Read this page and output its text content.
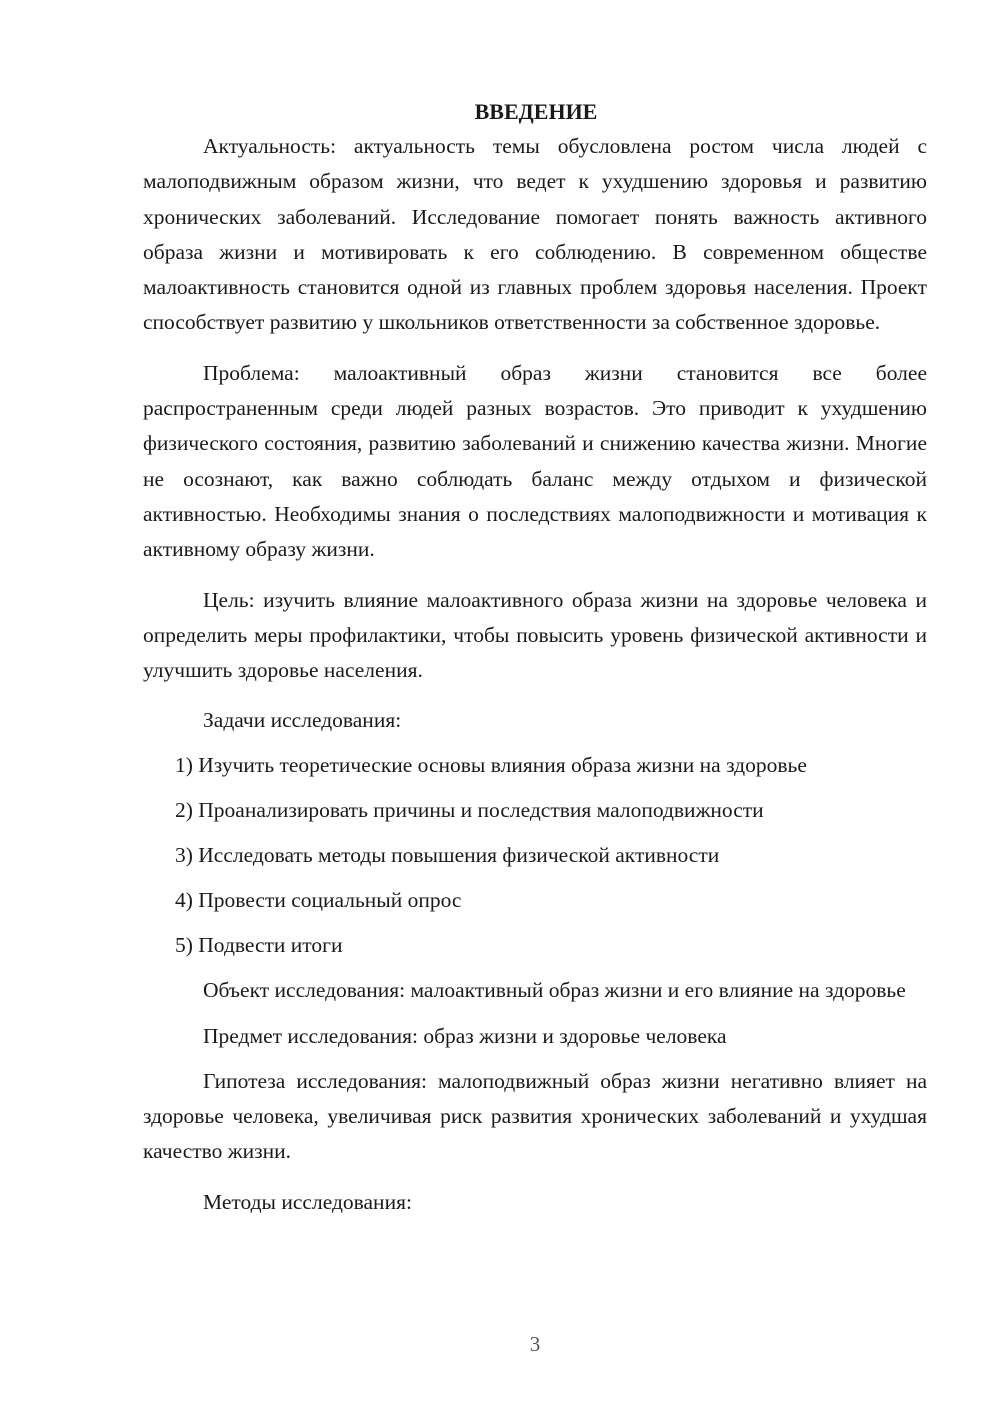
ВВЕДЕНИЕ

Актуальность: актуальность темы обусловлена ростом числа людей с малоподвижным образом жизни, что ведет к ухудшению здоровья и развитию хронических заболеваний. Исследование помогает понять важность активного образа жизни и мотивировать к его соблюдению. В современном обществе малоактивность становится одной из главных проблем здоровья населения. Проект способствует развитию у школьников ответственности за собственное здоровье.

Проблема: малоактивный образ жизни становится все более распространенным среди людей разных возрастов. Это приводит к ухудшению физического состояния, развитию заболеваний и снижению качества жизни. Многие не осознают, как важно соблюдать баланс между отдыхом и физической активностью. Необходимы знания о последствиях малоподвижности и мотивация к активному образу жизни.

Цель: изучить влияние малоактивного образа жизни на здоровье человека и определить меры профилактики, чтобы повысить уровень физической активности и улучшить здоровье населения.

Задачи исследования:

1) Изучить теоретические основы влияния образа жизни на здоровье
2) Проанализировать причины и последствия малоподвижности
3) Исследовать методы повышения физической активности
4) Провести социальный опрос
5) Подвести итоги

Объект исследования: малоактивный образ жизни и его влияние на здоровье

Предмет исследования: образ жизни и здоровье человека

Гипотеза исследования: малоподвижный образ жизни негативно влияет на здоровье человека, увеличивая риск развития хронических заболеваний и ухудшая качество жизни.

Методы исследования:

3
